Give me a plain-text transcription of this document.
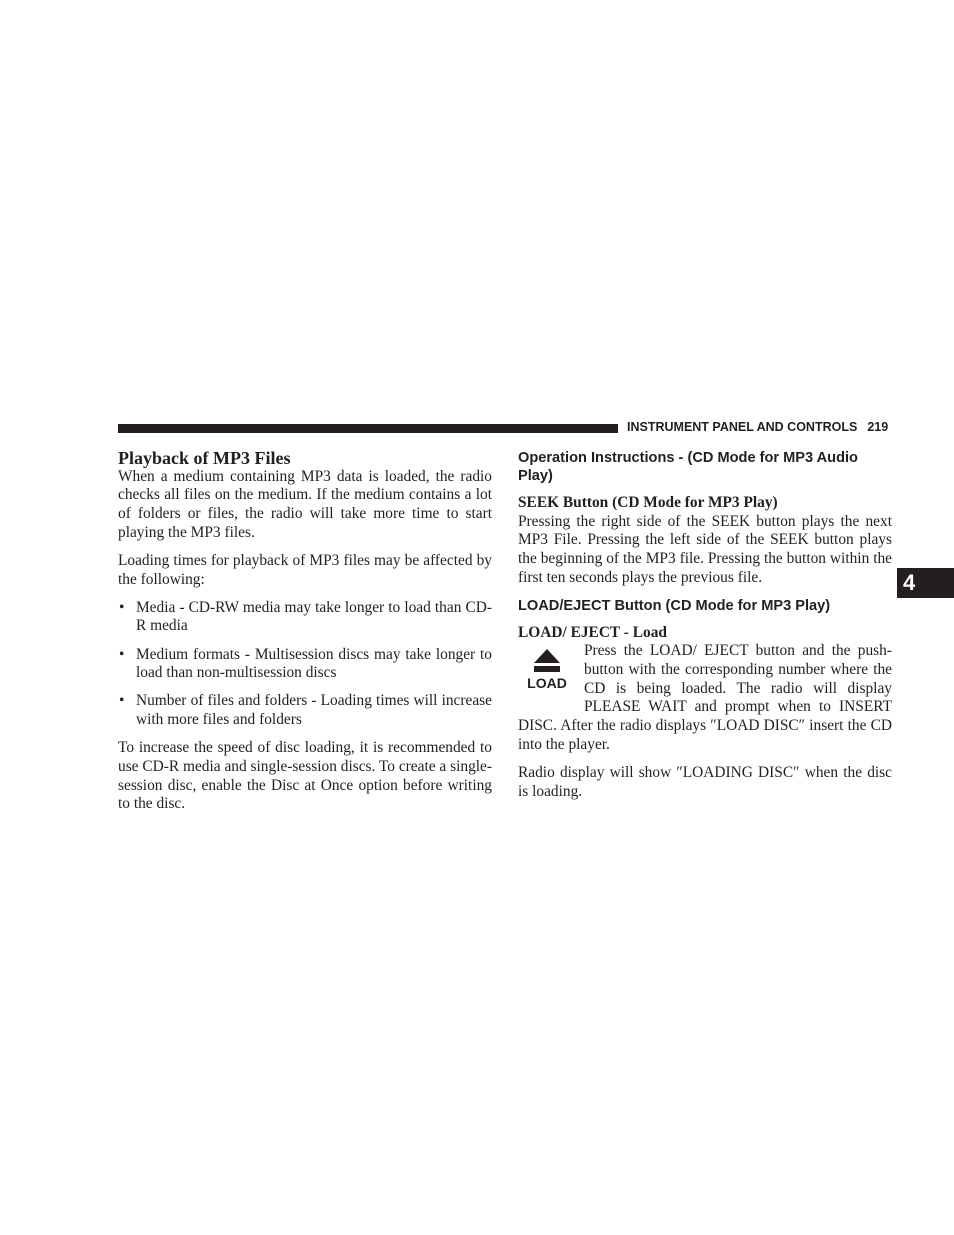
INSTRUMENT PANEL AND CONTROLS 219
4
Playback of MP3 Files

When a medium containing MP3 data is loaded, the radio checks all files on the medium. If the medium contains a lot of folders or files, the radio will take more time to start playing the MP3 files.

Loading times for playback of MP3 files may be affected by the following:

• Media - CD-RW media may take longer to load than CD-R media
• Medium formats - Multisession discs may take longer to load than non-multisession discs
• Number of files and folders - Loading times will increase with more files and folders

To increase the speed of disc loading, it is recommended to use CD-R media and single-session discs. To create a single-session disc, enable the Disc at Once option before writing to the disc.

Operation Instructions - (CD Mode for MP3 Audio Play)
SEEK Button (CD Mode for MP3 Play)

Pressing the right side of the SEEK button plays the next MP3 File. Pressing the left side of the SEEK button plays the beginning of the MP3 file. Pressing the button within the first ten seconds plays the previous file.

LOAD/EJECT Button (CD Mode for MP3 Play)
LOAD/ EJECT - Load
LOAD

Press the LOAD/ EJECT button and the push-button with the corresponding number where the CD is being loaded. The radio will display PLEASE WAIT and prompt when to INSERT DISC. After the radio displays ″LOAD DISC″ insert the CD into the player.

Radio display will show ″LOADING DISC″ when the disc is loading.
